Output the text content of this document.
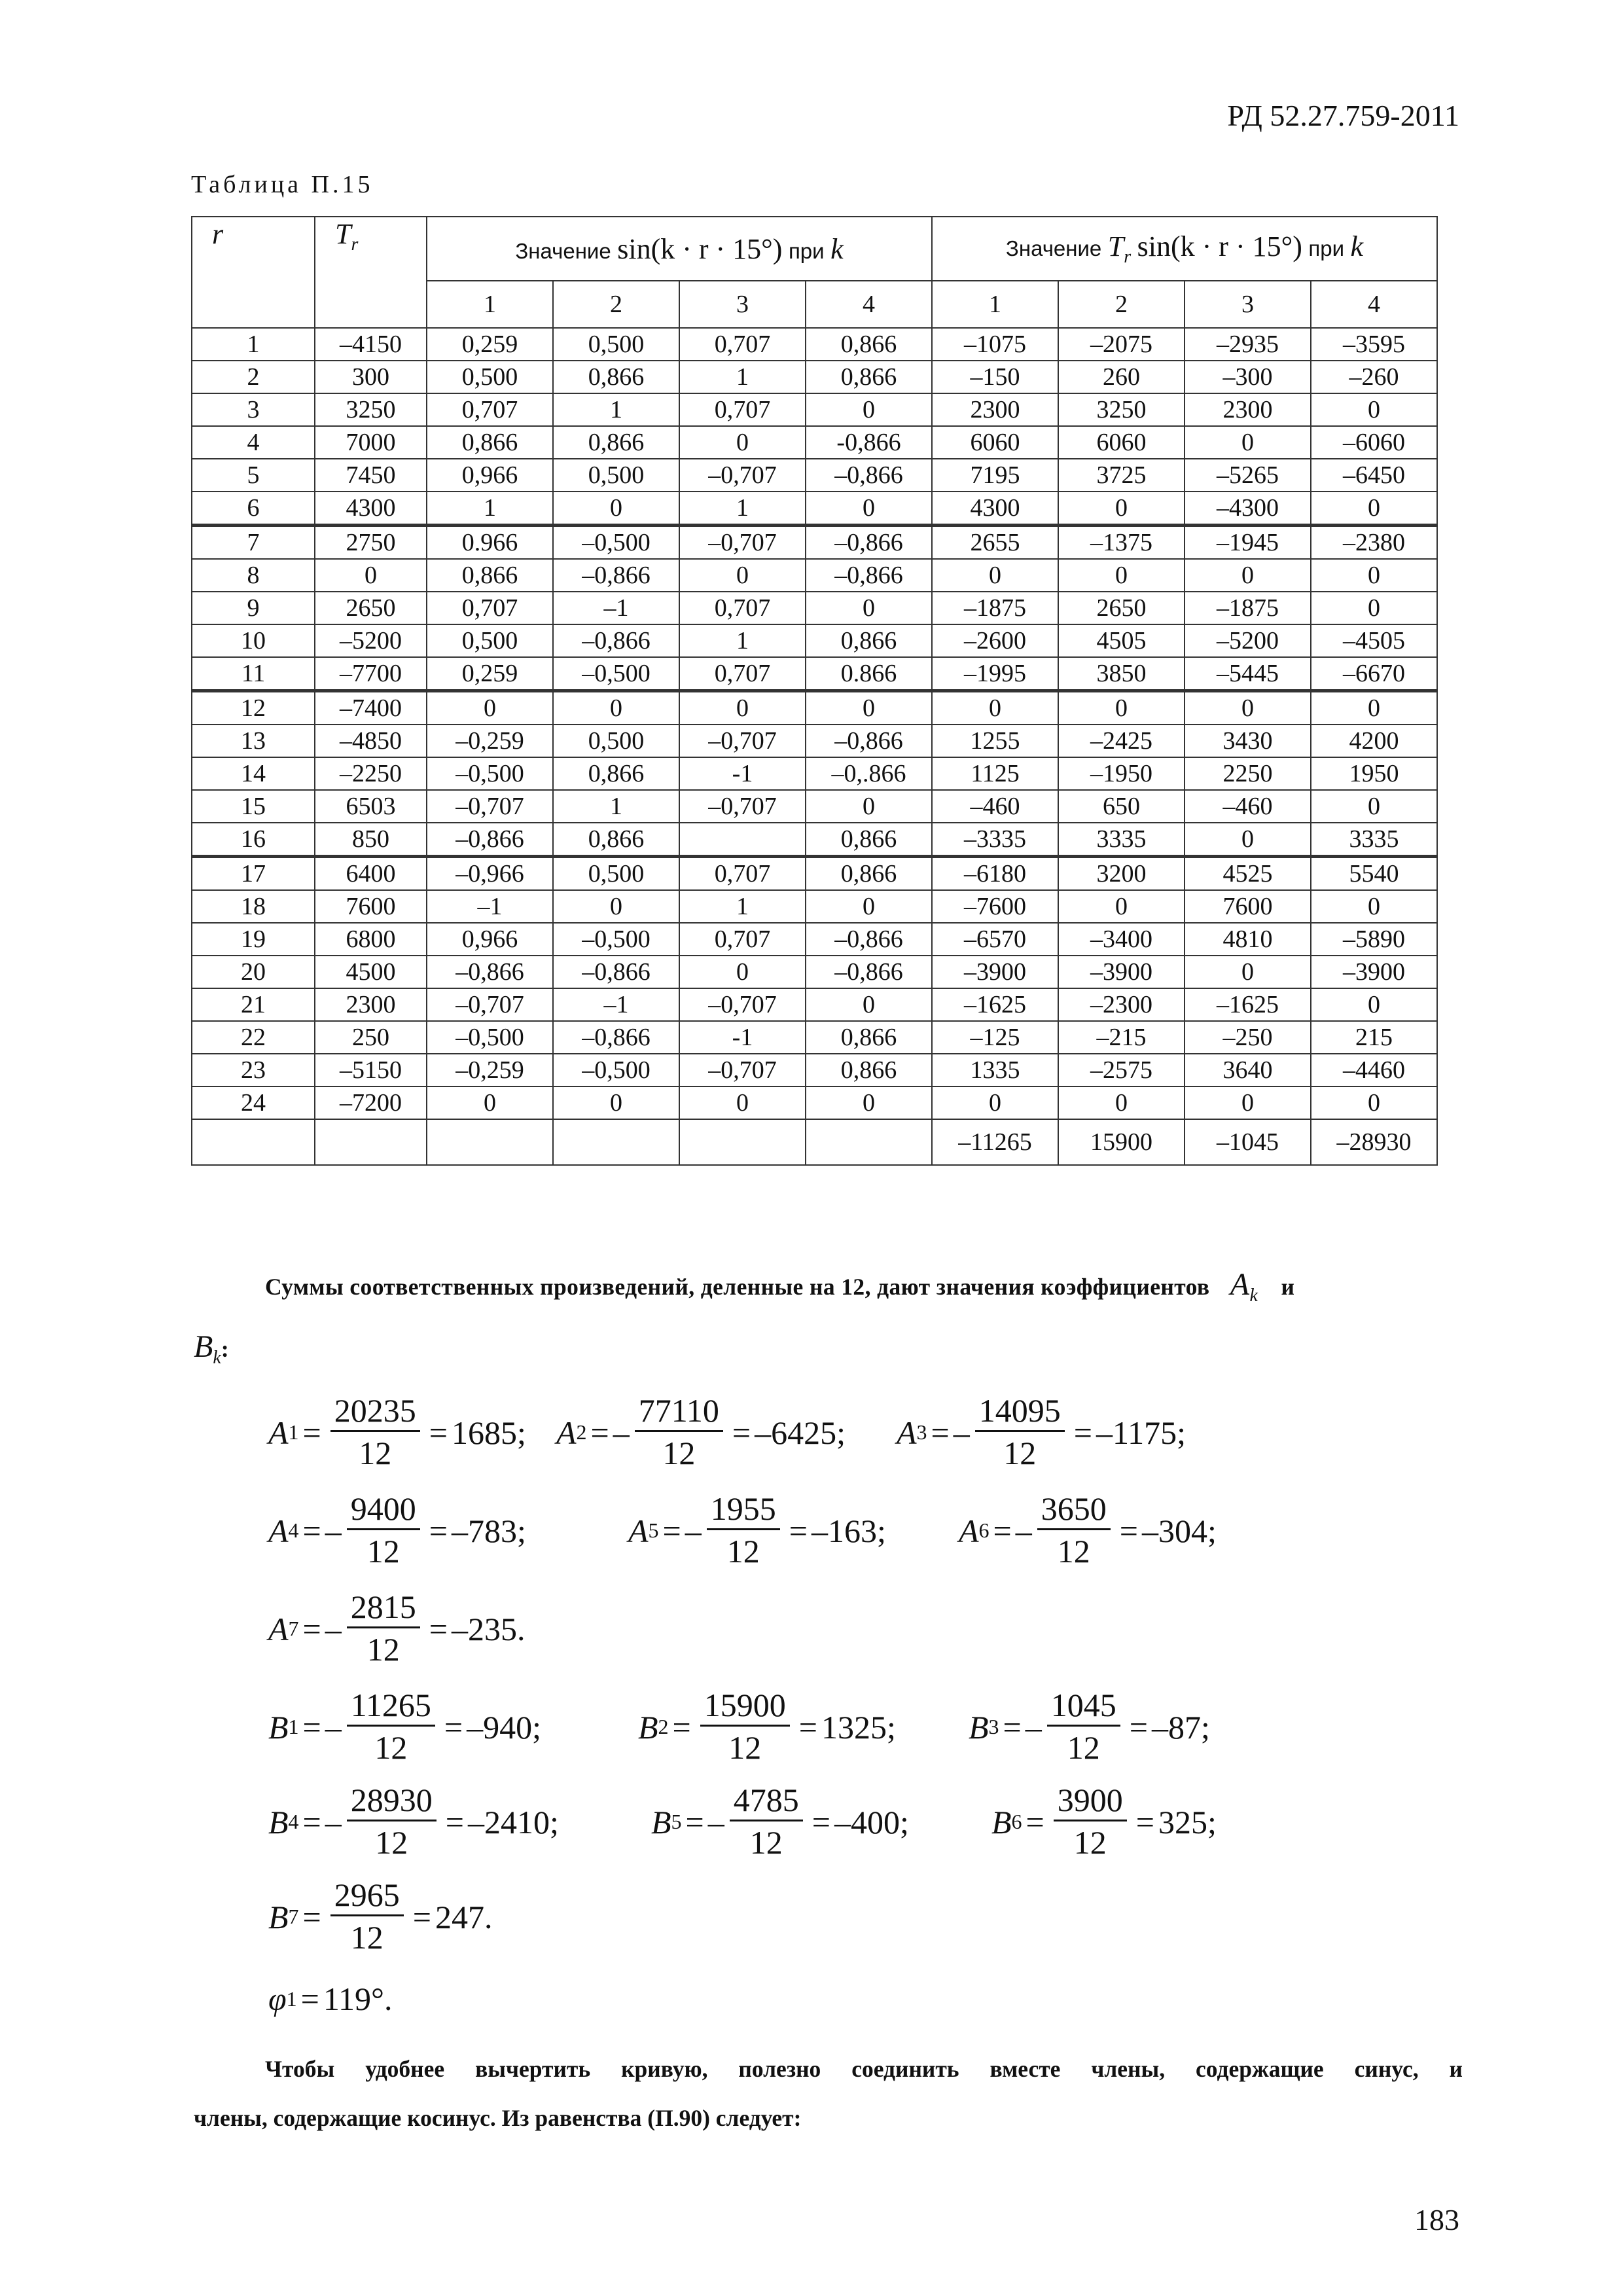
РД 52.27.759-2011
Таблица П.15
r	$T_r$	Значение sin(k · r · 15°) при k				Значение $T_r$ sin(k · r · 15°) при k			
		1	2	3	4	1	2	3	4
1	–4150	0,259	0,500	0,707	0,866	–1075	–2075	–2935	–3595
2	300	0,500	0,866	1	0,866	–150	260	–300	–260
3	3250	0,707	1	0,707	0	2300	3250	2300	0
4	7000	0,866	0,866	0	-0,866	6060	6060	0	–6060
5	7450	0,966	0,500	–0,707	–0,866	7195	3725	–5265	–6450
6	4300	1	0	1	0	4300	0	–4300	0
7	2750	0.966	–0,500	–0,707	–0,866	2655	–1375	–1945	–2380
8	0	0,866	–0,866	0	–0,866	0	0	0	0
9	2650	0,707	–1	0,707	0	–1875	2650	–1875	0
10	–5200	0,500	–0,866	1	0,866	–2600	4505	–5200	–4505
11	–7700	0,259	–0,500	0,707	0.866	–1995	3850	–5445	–6670
12	–7400	0	0	0	0	0	0	0	0
13	–4850	–0,259	0,500	–0,707	–0,866	1255	–2425	3430	4200
14	–2250	–0,500	0,866	-1	–0,.866	1125	–1950	2250	1950
15	6503	–0,707	1	–0,707	0	–460	650	–460	0
16	850	–0,866	0,866		0,866	–3335	3335	0	3335
17	6400	–0,966	0,500	0,707	0,866	–6180	3200	4525	5540
18	7600	–1	0	1	0	–7600	0	7600	0
19	6800	0,966	–0,500	0,707	–0,866	–6570	–3400	4810	–5890
20	4500	–0,866	–0,866	0	–0,866	–3900	–3900	0	–3900
21	2300	–0,707	–1	–0,707	0	–1625	–2300	–1625	0
22	250	–0,500	–0,866	-1	0,866	–125	–215	–250	215
23	–5150	–0,259	–0,500	–0,707	0,866	1335	–2575	3640	–4460
24	–7200	0	0	0	0	0	0	0	0
						–11265	15900	–1045	–28930
Суммы соответственных произведений, деленные на 12, дают значения коэффициентов $A_k$ и
$B_k$:
A $1 = \frac{20235}{12} = 1685$; A 2 = – $\frac{77110}{12} = -6425$; A 3 = – $\frac{14095}{12} = -1175$;
A 4 = – $\frac{9400}{12} = -783$;	A 5 = – $\frac{1955}{12} = -163$; A 6 = – $\frac{3650}{12} = -304$;
A 7 = – $\frac{2815}{12} = -235$.
B 1 = – $\frac{11265}{12} = -940$;	B $2 = \frac{15900}{12} = 1325$; B 3 = – $\frac{1045}{12} = -87$;
B 4 = – $\frac{28930}{12} = -2410$;	B 5 = – $\frac{4785}{12} = -400$;	B $6 = \frac{3900}{12} = 325$;
B $7 = \frac{2965}{12} = 247$.
φ 1 = 119°.
Чтобы удобнее вычертить кривую, полезно соединить вместе члены, содержащие синус, и
члены, содержащие косинус. Из равенства (П.90) следует:
183
